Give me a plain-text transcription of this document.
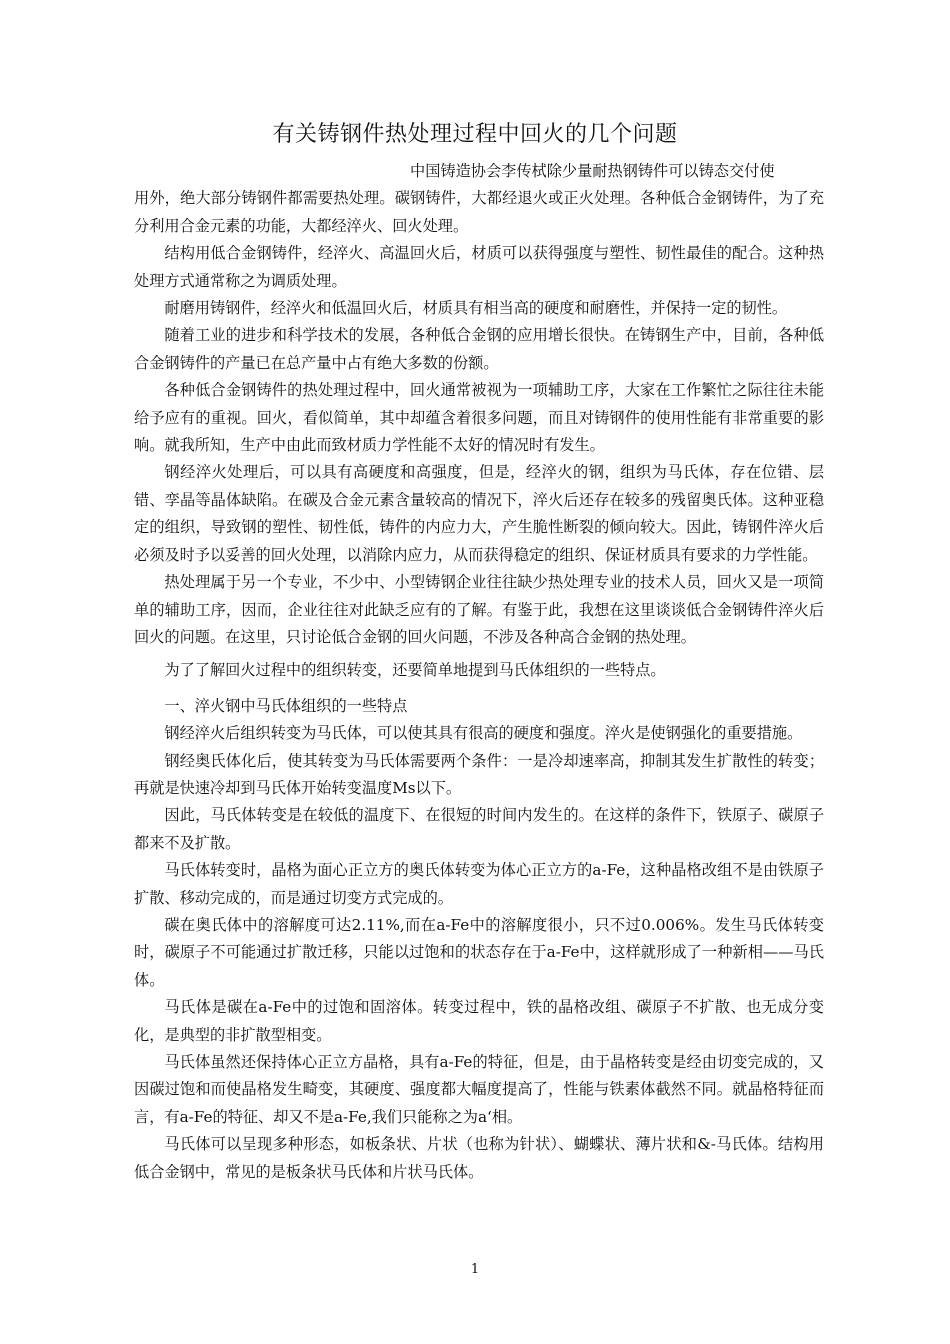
有关铸钢件热处理过程中回火的几个问题

中国铸造协会李传栻除少量耐热钢铸件可以铸态交付使

用外，绝大部分铸钢件都需要热处理。碳钢铸件，大都经退火或正火处理。各种低合金钢铸件，为了充分利用合金元素的功能，大都经淬火、回火处理。

结构用低合金钢铸件，经淬火、高温回火后，材质可以获得强度与塑性、韧性最佳的配合。这种热处理方式通常称之为调质处理。

耐磨用铸钢件，经淬火和低温回火后，材质具有相当高的硬度和耐磨性，并保持一定的韧性。

随着工业的进步和科学技术的发展，各种低合金钢的应用增长很快。在铸钢生产中，目前，各种低合金钢铸件的产量已在总产量中占有绝大多数的份额。

各种低合金钢铸件的热处理过程中，回火通常被视为一项辅助工序，大家在工作繁忙之际往往未能给予应有的重视。回火，看似简单，其中却蕴含着很多问题，而且对铸钢件的使用性能有非常重要的影响。就我所知，生产中由此而致材质力学性能不太好的情况时有发生。

钢经淬火处理后，可以具有高硬度和高强度，但是，经淬火的钢，组织为马氏体，存在位错、层错、孪晶等晶体缺陷。在碳及合金元素含量较高的情况下，淬火后还存在较多的残留奥氏体。这种亚稳定的组织，导致钢的塑性、韧性低，铸件的内应力大，产生脆性断裂的倾向较大。因此，铸钢件淬火后必须及时予以妥善的回火处理，以消除内应力，从而获得稳定的组织、保证材质具有要求的力学性能。

热处理属于另一个专业，不少中、小型铸钢企业往往缺少热处理专业的技术人员，回火又是一项简单的辅助工序，因而，企业往往对此缺乏应有的了解。有鉴于此，我想在这里谈谈低合金钢铸件淬火后回火的问题。在这里，只讨论低合金钢的回火问题，不涉及各种高合金钢的热处理。

为了了解回火过程中的组织转变，还要简单地提到马氏体组织的一些特点。

一、淬火钢中马氏体组织的一些特点

钢经淬火后组织转变为马氏体，可以使其具有很高的硬度和强度。淬火是使钢强化的重要措施。

钢经奥氏体化后，使其转变为马氏体需要两个条件：一是冷却速率高，抑制其发生扩散性的转变；再就是快速冷却到马氏体开始转变温度Ms以下。

因此，马氏体转变是在较低的温度下、在很短的时间内发生的。在这样的条件下，铁原子、碳原子都来不及扩散。

马氏体转变时，晶格为面心正立方的奥氏体转变为体心正立方的a-Fe，这种晶格改组不是由铁原子扩散、移动完成的，而是通过切变方式完成的。

碳在奥氏体中的溶解度可达2.11%,而在a-Fe中的溶解度很小，只不过0.006%。发生马氏体转变时，碳原子不可能通过扩散迁移，只能以过饱和的状态存在于a-Fe中，这样就形成了一种新相——马氏体。

马氏体是碳在a-Fe中的过饱和固溶体。转变过程中，铁的晶格改组、碳原子不扩散、也无成分变化，是典型的非扩散型相变。

马氏体虽然还保持体心正立方晶格，具有a-Fe的特征，但是，由于晶格转变是经由切变完成的，又因碳过饱和而使晶格发生畸变，其硬度、强度都大幅度提高了，性能与铁素体截然不同。就晶格特征而言，有a-Fe的特征、却又不是a-Fe,我们只能称之为a‘相。

马氏体可以呈现多种形态，如板条状、片状（也称为针状）、蝴蝶状、薄片状和&-马氏体。结构用低合金钢中，常见的是板条状马氏体和片状马氏体。

1
